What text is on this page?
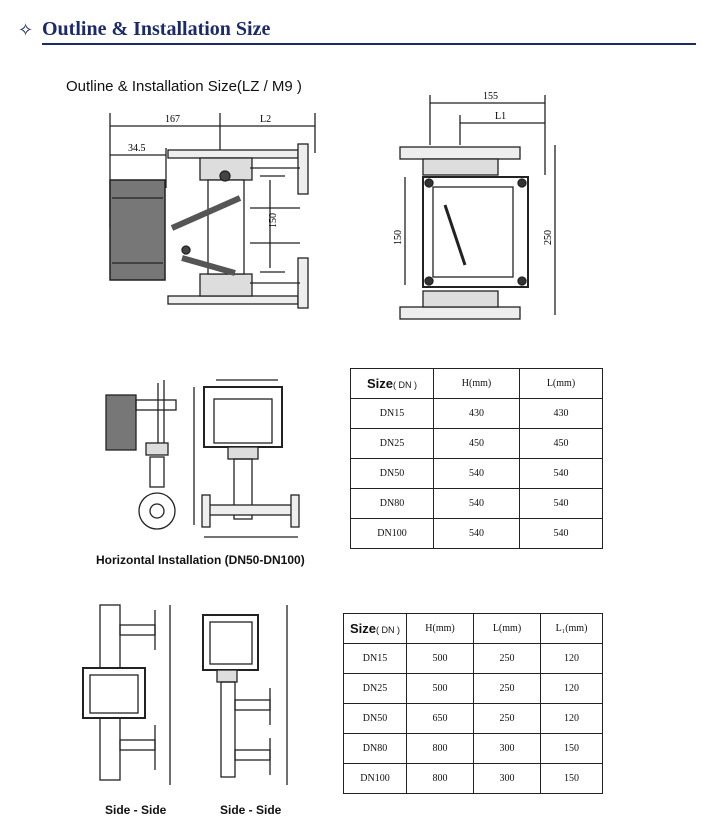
✧ Outline & Installation Size
Outline & Installation Size(LZ / M9 )
167	L2
34.5
150
155
L1
150	250
Horizontal Installation (DN50-DN100)
Side - Side	Side - Side
Size( DN )	H(mm)	L(mm)
DN15	430	430
DN25	450	450
DN50	540	540
DN80	540	540
DN100	540	540
Size( DN )	H(mm)	L(mm)	L₁(mm)
DN15	500	250	120
DN25	500	250	120
DN50	650	250	120
DN80	800	300	150
DN100	800	300	150
